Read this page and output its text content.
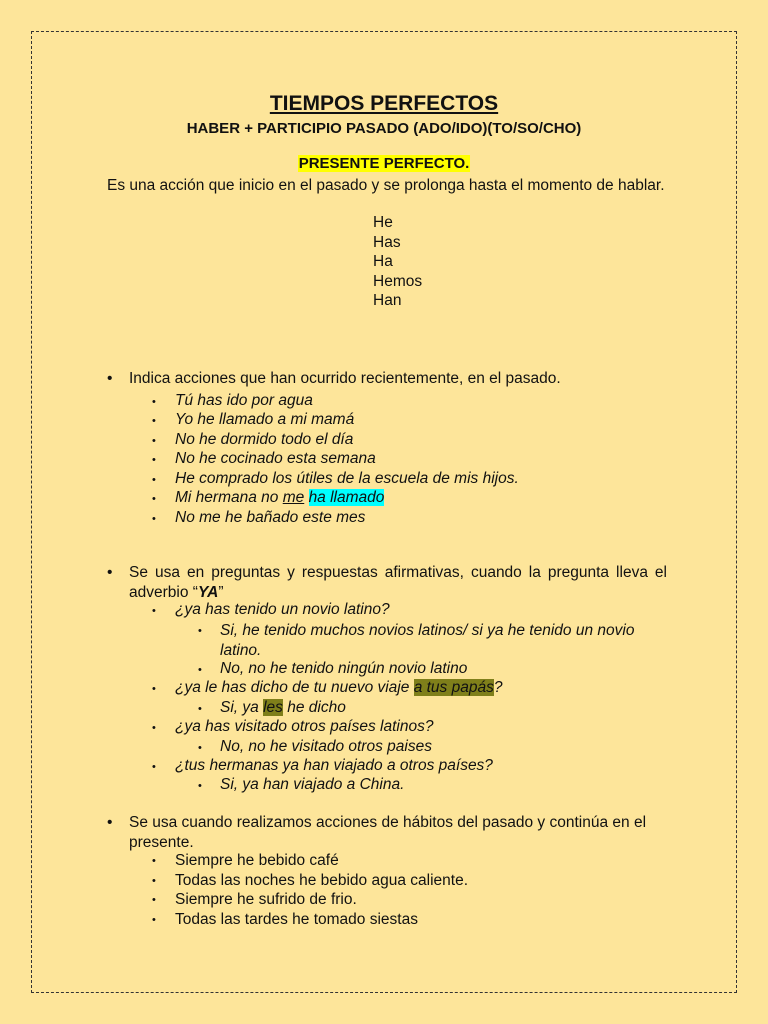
TIEMPOS PERFECTOS
HABER + PARTICIPIO PASADO (ADO/IDO)(TO/SO/CHO)
PRESENTE PERFECTO.
Es una acción que inicio en el pasado y se prolonga hasta el momento de hablar.
He
Has
Ha
Hemos
Han
• Indica acciones que han ocurrido recientemente, en el pasado.
• Tú has ido por agua
• Yo he llamado a mi mamá
• No he dormido todo el día
• No he cocinado esta semana
• He comprado los útiles de la escuela de mis hijos.
• Mi hermana no me ha llamado
• No me he bañado este mes
• Se usa en preguntas y respuestas afirmativas, cuando la pregunta lleva el adverbio “YA”
• ¿ya has tenido un novio latino?
• Si, he tenido muchos novios latinos/ si ya he tenido un novio latino.
• No, no he tenido ningún novio latino
• ¿ya le has dicho de tu nuevo viaje a tus papás?
• Si, ya les he dicho
• ¿ya has visitado otros países latinos?
• No, no he visitado otros paises
• ¿tus hermanas ya han viajado a otros países?
• Si, ya han viajado a China.
• Se usa cuando realizamos acciones de hábitos del pasado y continúa en el presente.
• Siempre he bebido café
• Todas las noches he bebido agua caliente.
• Siempre he sufrido de frio.
• Todas las tardes he tomado siestas
